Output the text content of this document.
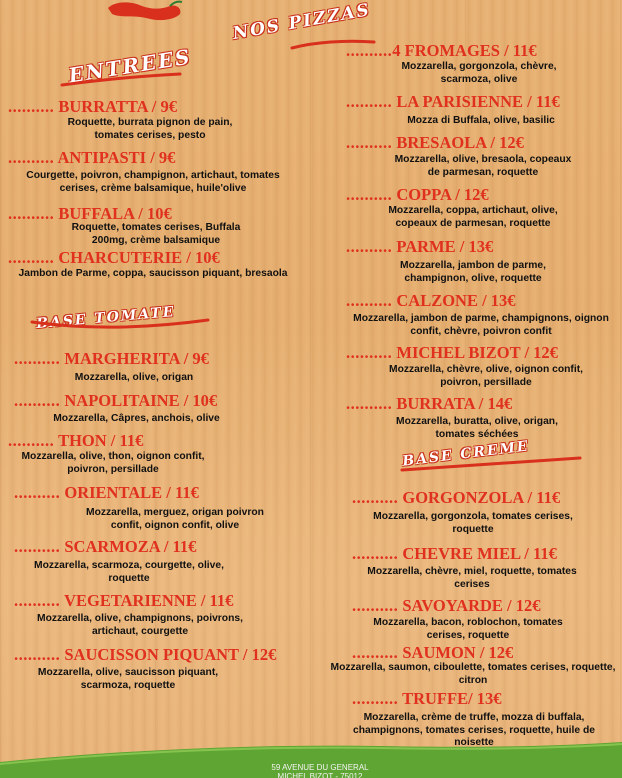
NOS PIZZAS
ENTREES
BASE TOMATE
BASE CREME
.......... BURRATTA / 9€
Roquette, burrata pignon de pain, tomates cerises, pesto
.......... ANTIPASTI / 9€
Courgette, poivron, champignon, artichaut, tomates cerises, crème balsamique, huile'olive
.......... BUFFALA / 10€
Roquette, tomates cerises, Buffala 200mg, crème balsamique
.......... CHARCUTERIE / 10€
Jambon de Parme, coppa, saucisson piquant, bresaola
.......... MARGHERITA / 9€
Mozzarella, olive, origan
.......... NAPOLITAINE / 10€
Mozzarella, Câpres, anchois, olive
.......... THON / 11€
Mozzarella, olive, thon, oignon confit, poivron, persillade
.......... ORIENTALE / 11€
Mozzarella, merguez, origan poivron confit, oignon confit, olive
.......... SCARMOZA / 11€
Mozzarella, scarmoza, courgette, olive, roquette
.......... VEGETARIENNE / 11€
Mozzarella, olive, champignons, poivrons, artichaut, courgette
.......... SAUCISSON PIQUANT / 12€
Mozzarella, olive, saucisson piquant, scarmoza, roquette
..........4 FROMAGES / 11€
Mozzarella, gorgonzola, chèvre, scarmoza, olive
.......... LA PARISIENNE / 11€
Mozza di Buffala, olive, basilic
.......... BRESAOLA / 12€
Mozzarella, olive, bresaola, copeaux de parmesan, roquette
.......... COPPA / 12€
Mozzarella, coppa, artichaut, olive, copeaux de parmesan, roquette
.......... PARME / 13€
Mozzarella, jambon de parme, champignon, olive, roquette
.......... CALZONE / 13€
Mozzarella, jambon de parme, champignons, oignon confit, chèvre, poivron confit
.......... MICHEL BIZOT / 12€
Mozzarella, chèvre, olive, oignon confit, poivron, persillade
.......... BURRATA / 14€
Mozzarella, buratta, olive, origan, tomates séchées
.......... GORGONZOLA / 11€
Mozzarella, gorgonzola, tomates cerises, roquette
.......... CHEVRE MIEL / 11€
Mozzarella, chèvre, miel, roquette, tomates cerises
.......... SAVOYARDE / 12€
Mozzarella, bacon, roblochon, tomates cerises, roquette
.......... SAUMON / 12€
Mozzarella, saumon, ciboulette, tomates cerises, roquette, citron
.......... TRUFFE/ 13€
Mozzarella, crème de truffe, mozza di buffala, champignons, tomates cerises, roquette, huile de noisette
59 AVENUE DU GENERAL
MICHEL BIZOT - 75012
